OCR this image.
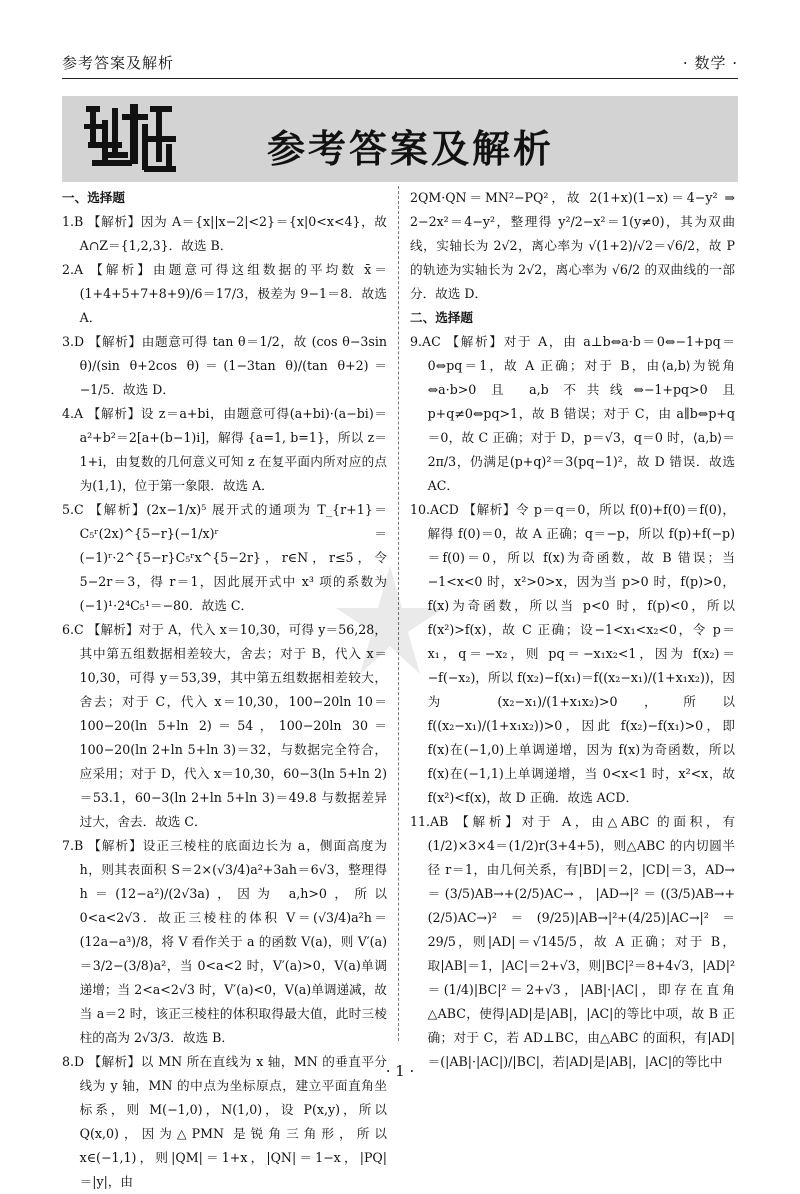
参考答案及解析	· 数学 ·
参考答案及解析
一、选择题

1.B 【解析】因为 A＝{x||x−2|<2}＝{x|0<x<4}，故 A∩Z＝{1,2,3}．故选 B．

2.A 【解析】由题意可得这组数据的平均数 x̄＝(1+4+5+7+8+9)/6＝17/3，极差为 9−1＝8．故选 A．

3.D 【解析】由题意可得 tan θ＝1/2，故 (cos θ−3sin θ)/(sin θ+2cos θ)＝(1−3tan θ)/(tan θ+2)＝−1/5．故选 D．

4.A 【解析】设 z＝a+bi，由题意可得(a+bi)·(a−bi)＝a²+b²＝2[a+(b−1)i]，解得 {a=1, b=1}，所以 z＝1+i，由复数的几何意义可知 z 在复平面内所对应的点为(1,1)，位于第一象限．故选 A．

5.C 【解析】(2x−1/x)⁵ 展开式的通项为 T_{r+1}＝C₅ʳ(2x)^{5−r}(−1/x)ʳ＝(−1)ʳ·2^{5−r}C₅ʳx^{5−2r}，r∈N，r≤5，令 5−2r＝3，得 r＝1，因此展开式中 x³ 项的系数为(−1)¹·2⁴C₅¹＝−80．故选 C．

6.C 【解析】对于 A，代入 x＝10,30，可得 y＝56,28，其中第五组数据相差较大，舍去；对于 B，代入 x＝10,30，可得 y＝53,39，其中第五组数据相差较大，舍去；对于 C，代入 x＝10,30，100−20ln 10＝100−20(ln 5+ln 2)＝54，100−20ln 30＝100−20(ln 2+ln 5+ln 3)＝32，与数据完全符合，应采用；对于 D，代入 x＝10,30，60−3(ln 5+ln 2)＝53.1，60−3(ln 2+ln 5+ln 3)＝49.8 与数据差异过大，舍去．故选 C．

7.B 【解析】设正三棱柱的底面边长为 a，侧面高度为 h，则其表面积 S＝2×(√3/4)a²+3ah＝6√3，整理得 h＝(12−a²)/(2√3a)，因为 a,h>0，所以 0<a<2√3．故正三棱柱的体积 V＝(√3/4)a²h＝(12a−a³)/8，将 V 看作关于 a 的函数 V(a)，则 V′(a)＝3/2−(3/8)a²，当 0<a<2 时，V′(a)>0，V(a)单调递增；当 2<a<2√3 时，V′(a)<0，V(a)单调递减，故当 a＝2 时，该正三棱柱的体积取得最大值，此时三棱柱的高为 2√3/3．故选 B．

8.D 【解析】以 MN 所在直线为 x 轴，MN 的垂直平分线为 y 轴，MN 的中点为坐标原点，建立平面直角坐标系，则 M(−1,0)，N(1,0)，设 P(x,y)，所以 Q(x,0)，因为△PMN 是锐角三角形，所以 x∈(−1,1)，则|QM|＝1+x，|QN|＝1−x，|PQ|＝|y|，由

2QM·QN＝MN²−PQ²，故 2(1+x)(1−x)＝4−y² ⇒ 2−2x²＝4−y²，整理得 y²/2−x²＝1(y≠0)，其为双曲线，实轴长为 2√2，离心率为 √(1+2)/√2＝√6/2，故 P 的轨迹为实轴长为 2√2，离心率为 √6/2 的双曲线的一部分．故选 D．
二、选择题

9.AC 【解析】对于 A，由 a⊥b⇔a·b＝0⇔−1+pq＝0⇔pq＝1，故 A 正确；对于 B，由⟨a,b⟩为锐角⇔a·b>0 且 a,b 不共线⇔−1+pq>0 且 p+q≠0⇔pq>1，故 B 错误；对于 C，由 a∥b⇔p+q＝0，故 C 正确；对于 D，p＝√3，q＝0 时，⟨a,b⟩＝2π/3，仍满足(p+q)²＝3(pq−1)²，故 D 错误．故选 AC．

10.ACD 【解析】令 p＝q＝0，所以 f(0)+f(0)＝f(0)，解得 f(0)＝0，故 A 正确；q＝−p，所以 f(p)+f(−p)＝f(0)＝0，所以 f(x)为奇函数，故 B 错误；当−1<x<0 时，x²>0>x，因为当 p>0 时，f(p)>0，f(x)为奇函数，所以当 p<0 时，f(p)<0，所以 f(x²)>f(x)，故 C 正确；设−1<x₁<x₂<0，令 p＝x₁，q＝−x₂，则 pq＝−x₁x₂<1，因为 f(x₂)＝−f(−x₂)，所以 f(x₂)−f(x₁)＝f((x₂−x₁)/(1+x₁x₂))，因为 (x₂−x₁)/(1+x₁x₂)>0，所以 f((x₂−x₁)/(1+x₁x₂))>0，因此 f(x₂)−f(x₁)>0，即 f(x)在(−1,0)上单调递增，因为 f(x)为奇函数，所以 f(x)在(−1,1)上单调递增，当 0<x<1 时，x²<x，故 f(x²)<f(x)，故 D 正确．故选 ACD．

11.AB 【解析】对于 A，由△ABC 的面积，有 (1/2)×3×4＝(1/2)r(3+4+5)，则△ABC 的内切圆半径 r＝1，由几何关系，有|BD|＝2，|CD|＝3，AD→＝(3/5)AB→+(2/5)AC→，|AD→|²＝((3/5)AB→+(2/5)AC→)²＝(9/25)|AB→|²+(4/25)|AC→|²＝29/5，则|AD|＝√145/5，故 A 正确；对于 B，取|AB|＝1，|AC|＝2+√3，则|BC|²＝8+4√3，|AD|²＝(1/4)|BC|²＝2+√3，|AB|·|AC|，即存在直角△ABC，使得|AD|是|AB|，|AC|的等比中项，故 B 正确；对于 C，若 AD⊥BC，由△ABC 的面积，有|AD|＝(|AB|·|AC|)/|BC|，若|AD|是|AB|，|AC|的等比中

· 1 ·
